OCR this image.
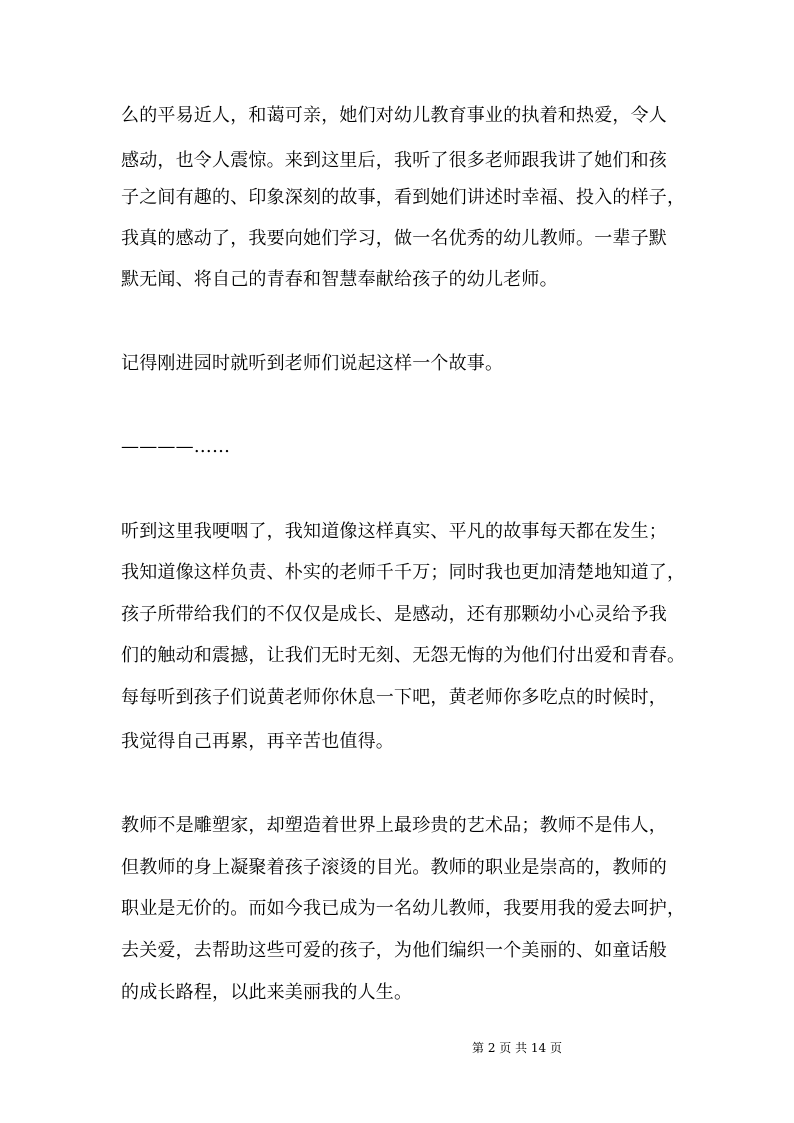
么的平易近人，和蔼可亲，她们对幼儿教育事业的执着和热爱，令人
感动，也令人震惊。来到这里后，我听了很多老师跟我讲了她们和孩
子之间有趣的、印象深刻的故事，看到她们讲述时幸福、投入的样子，
我真的感动了，我要向她们学习，做一名优秀的幼儿教师。一辈子默
默无闻、将自己的青春和智慧奉献给孩子的幼儿老师。
记得刚进园时就听到老师们说起这样一个故事。
————……
听到这里我哽咽了，我知道像这样真实、平凡的故事每天都在发生；
我知道像这样负责、朴实的老师千千万；同时我也更加清楚地知道了，
孩子所带给我们的不仅仅是成长、是感动，还有那颗幼小心灵给予我
们的触动和震撼，让我们无时无刻、无怨无悔的为他们付出爱和青春。
每每听到孩子们说黄老师你休息一下吧，黄老师你多吃点的时候时，
我觉得自己再累，再辛苦也值得。
教师不是雕塑家，却塑造着世界上最珍贵的艺术品；教师不是伟人，
但教师的身上凝聚着孩子滚烫的目光。教师的职业是崇高的，教师的
职业是无价的。而如今我已成为一名幼儿教师，我要用我的爱去呵护，
去关爱，去帮助这些可爱的孩子，为他们编织一个美丽的、如童话般
的成长路程，以此来美丽我的人生。
第 2 页 共 14 页
